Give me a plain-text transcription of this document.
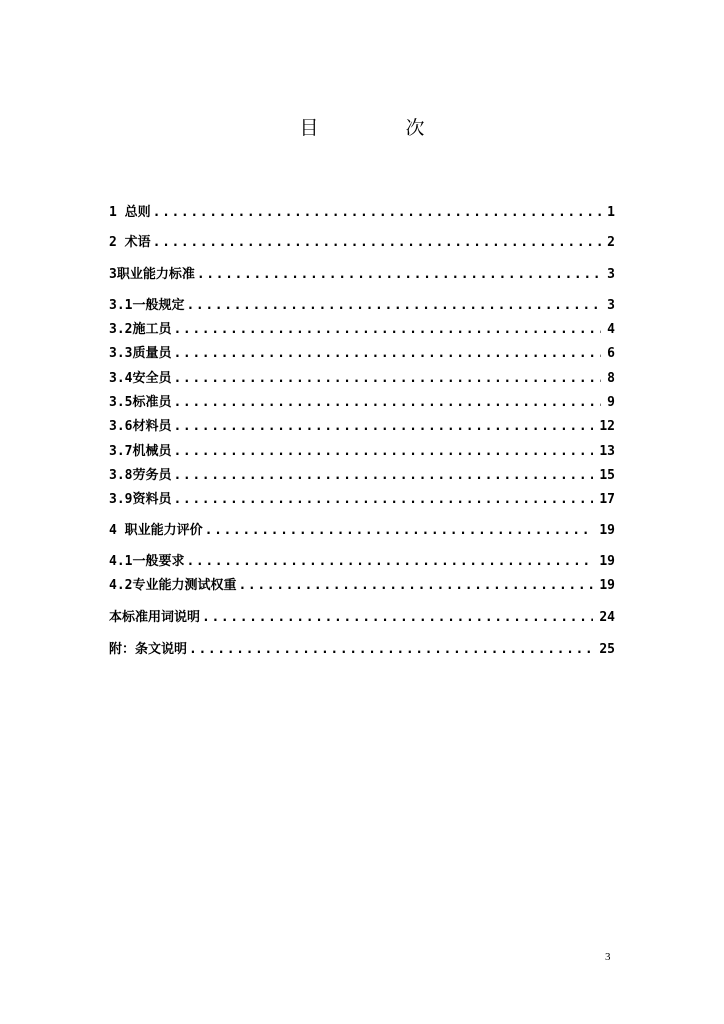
目　次
1 总则 .....	1
2 术语 .....	2
3职业能力标准 .....	3
3.1一般规定 .....	3
3.2施工员 .....	4
3.3质量员 .....	6
3.4安全员 .....	8
3.5标准员 .....	9
3.6材料员 .....	12
3.7机械员 .....	13
3.8劳务员 .....	15
3.9资料员 .....	17
4 职业能力评价 .....	19
4.1一般要求 .....	19
4.2专业能力测试权重 .....	19
本标准用词说明 .....	24
附：条文说明 .....	25
3
